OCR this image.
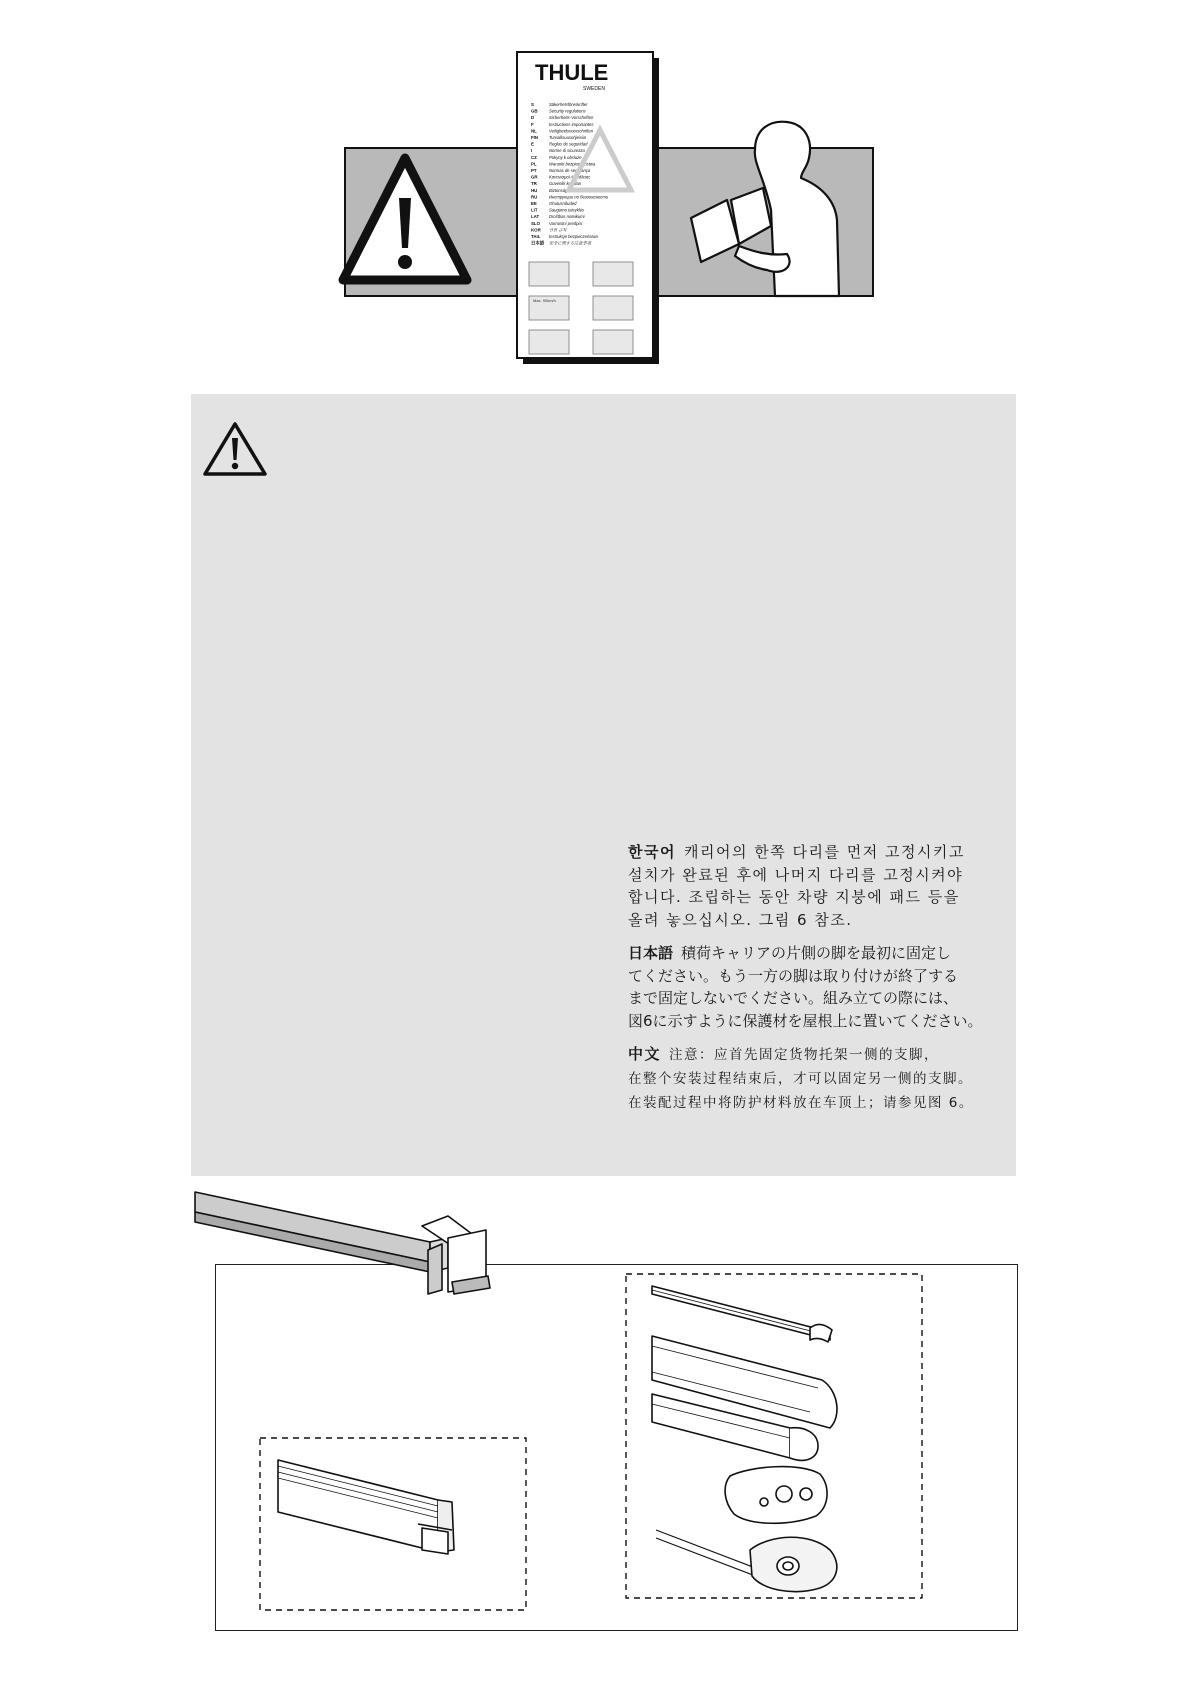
THULE
SWEDEN
S	Säkerhetsföreskrifter
GB	Security regulations
D	Sicherheits-Vorschriften
F	Instructions importantes
NL	Veiligheidsvoorschriften
FIN	Turvallisuusohjeisiin
E	Reglas de seguridad
I	Norme di sicurezza
CZ	Pokyny k obsluze
PL	Warunki bezpieczeństwa
PT	Normas de segurança
GR	Κανονισμοί Ασφάλειας
TR	Güvenlik kuralları
HU	Biztonsági előírások
RU	Инструкции по безопасности
EE	Ohutusnõuded
LIT	Saugumo taisyklės
LAT Drošības noteikumi
SLO Varnostni predpisi
KOR 안전 규칙
TAIL Instrukcje bezpieczeństwa
日本語 安全に関する注意事項
Max. 90km/h

한국어 캐리어의 한쪽 다리를 먼저 고정시키고

설치가 완료된 후에 나머지 다리를 고정시켜야

합니다. 조립하는 동안 차량 지붕에 패드 등을

올려 놓으십시오. 그림 6 참조.

日本語 積荷キャリアの片側の脚を最初に固定し

てください。もう一方の脚は取り付けが終了する

まで固定しないでください。組み立ての際には、

図6に示すように保護材を屋根上に置いてください。

中文 注意：应首先固定货物托架一侧的支脚，

在整个安装过程结束后，才可以固定另一侧的支脚。

在装配过程中将防护材料放在车顶上；请参见图 6。
